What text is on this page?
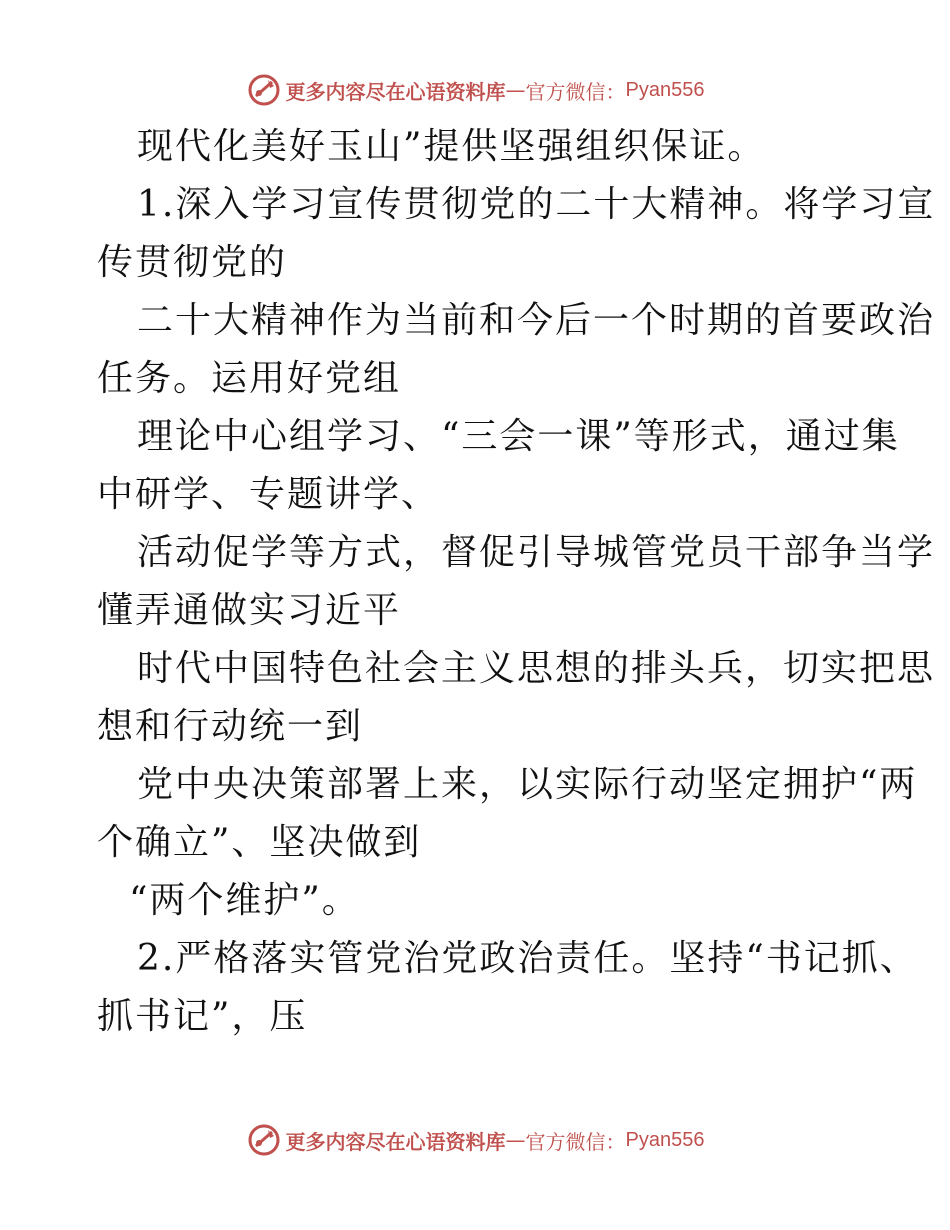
更多内容尽在心语资料库 — 官方微信： Pyan556
现代化美好玉山”提供坚强组织保证。
1.深入学习宣传贯彻党的二十大精神。将学习宣
传贯彻党的
二十大精神作为当前和今后一个时期的首要政治
任务。运用好党组
理论中心组学习、“三会一课”等形式，通过集
中研学、专题讲学、
活动促学等方式，督促引导城管党员干部争当学
懂弄通做实习近平
时代中国特色社会主义思想的排头兵，切实把思
想和行动统一到
党中央决策部署上来，以实际行动坚定拥护“两
个确立”、坚决做到
“两个维护”。
2.严格落实管党治党政治责任。坚持“书记抓、
抓书记”，压
更多内容尽在心语资料库 — 官方微信： Pyan556
